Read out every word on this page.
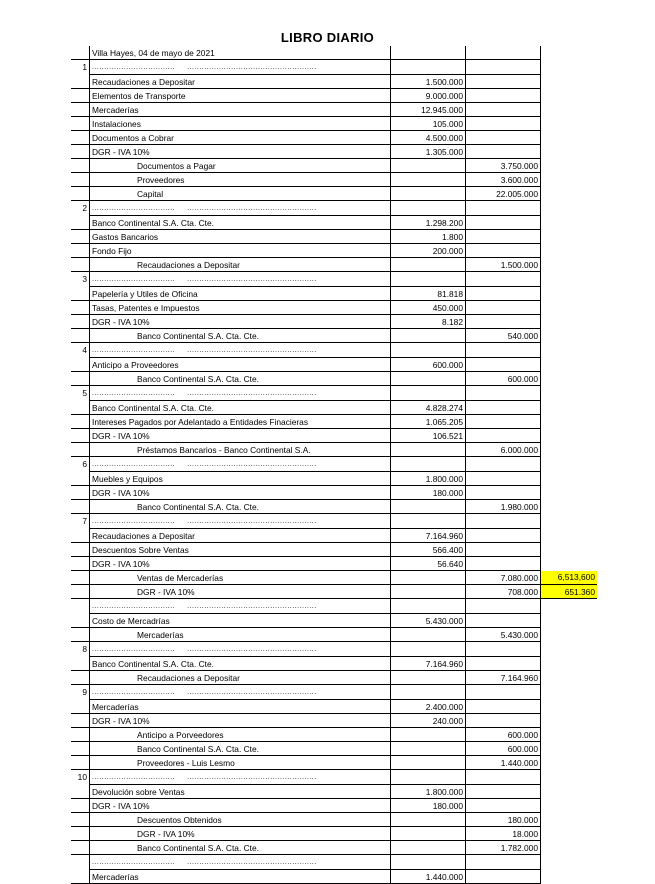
LIBRO DIARIO
	Villa Hayes, 04 de mayo de 2021			
1	.................................. .....................................................			
	Recaudaciones a Depositar	1.500.000		
	Elementos de Transporte	9.000.000		
	Mercaderías	12.945.000		
	Instalaciones	105.000		
	Documentos a Cobrar	4.500.000		
	DGR - IVA 10%	1.305.000		
	Documentos a Pagar		3.750.000	
	Proveedores		3.600.000	
	Capital		22.005.000	
2	.................................. .....................................................			
	Banco Continental S.A. Cta. Cte.	1.298.200		
	Gastos Bancarios	1.800		
	Fondo Fijo	200.000		
	Recaudaciones a Depositar		1.500.000	
3	.................................. .....................................................			
	Papelería y Utiles de Oficina	81.818		
	Tasas, Patentes e Impuestos	450.000		
	DGR - IVA 10%	8.182		
	Banco Continental S.A. Cta. Cte.		540.000	
4	.................................. .....................................................			
	Anticipo a Proveedores	600.000		
	Banco Continental S.A. Cta. Cte.		600.000	
5	.................................. .....................................................			
	Banco Continental S.A. Cta. Cte.	4.828.274		
	Intereses Pagados por Adelantado a Entidades Finacieras	1.065.205		
	DGR - IVA 10%	106.521		
	Préstamos Bancarios - Banco Continental S.A.		6.000.000	
6	.................................. .....................................................			
	Muebles y Equipos	1.800.000		
	DGR - IVA 10%	180.000		
	Banco Continental S.A. Cta. Cte.		1.980.000	
7	.................................. .....................................................			
	Recaudaciones a Depositar	7.164.960		
	Descuentos Sobre Ventas	566.400		
	DGR - IVA 10%	56.640		
	Ventas de Mercaderías		7.080.000	6,513,600
	DGR - IVA 10%		708.000	651.360
	.................................. .....................................................			
	Costo de Mercadrías	5.430.000		
	Mercaderías		5.430.000	
8	.................................. .....................................................			
	Banco Continental S.A. Cta. Cte.	7.164.960		
	Recaudaciones a Depositar		7.164.960	
9	.................................. .....................................................			
	Mercaderías	2.400.000		
	DGR - IVA 10%	240.000		
	Anticipo a Porveedores		600.000	
	Banco Continental S.A. Cta. Cte.		600.000	
	Proveedores - Luis Lesmo		1.440.000	
10	.................................. .....................................................			
	Devolución sobre Ventas	1.800.000		
	DGR - IVA 10%	180.000		
	Descuentos Obtenidos		180.000	
	DGR - IVA 10%		18.000	
	Banco Continental S.A. Cta. Cte.		1.782.000	
	.................................. .....................................................			
	Mercaderías	1.440.000		
